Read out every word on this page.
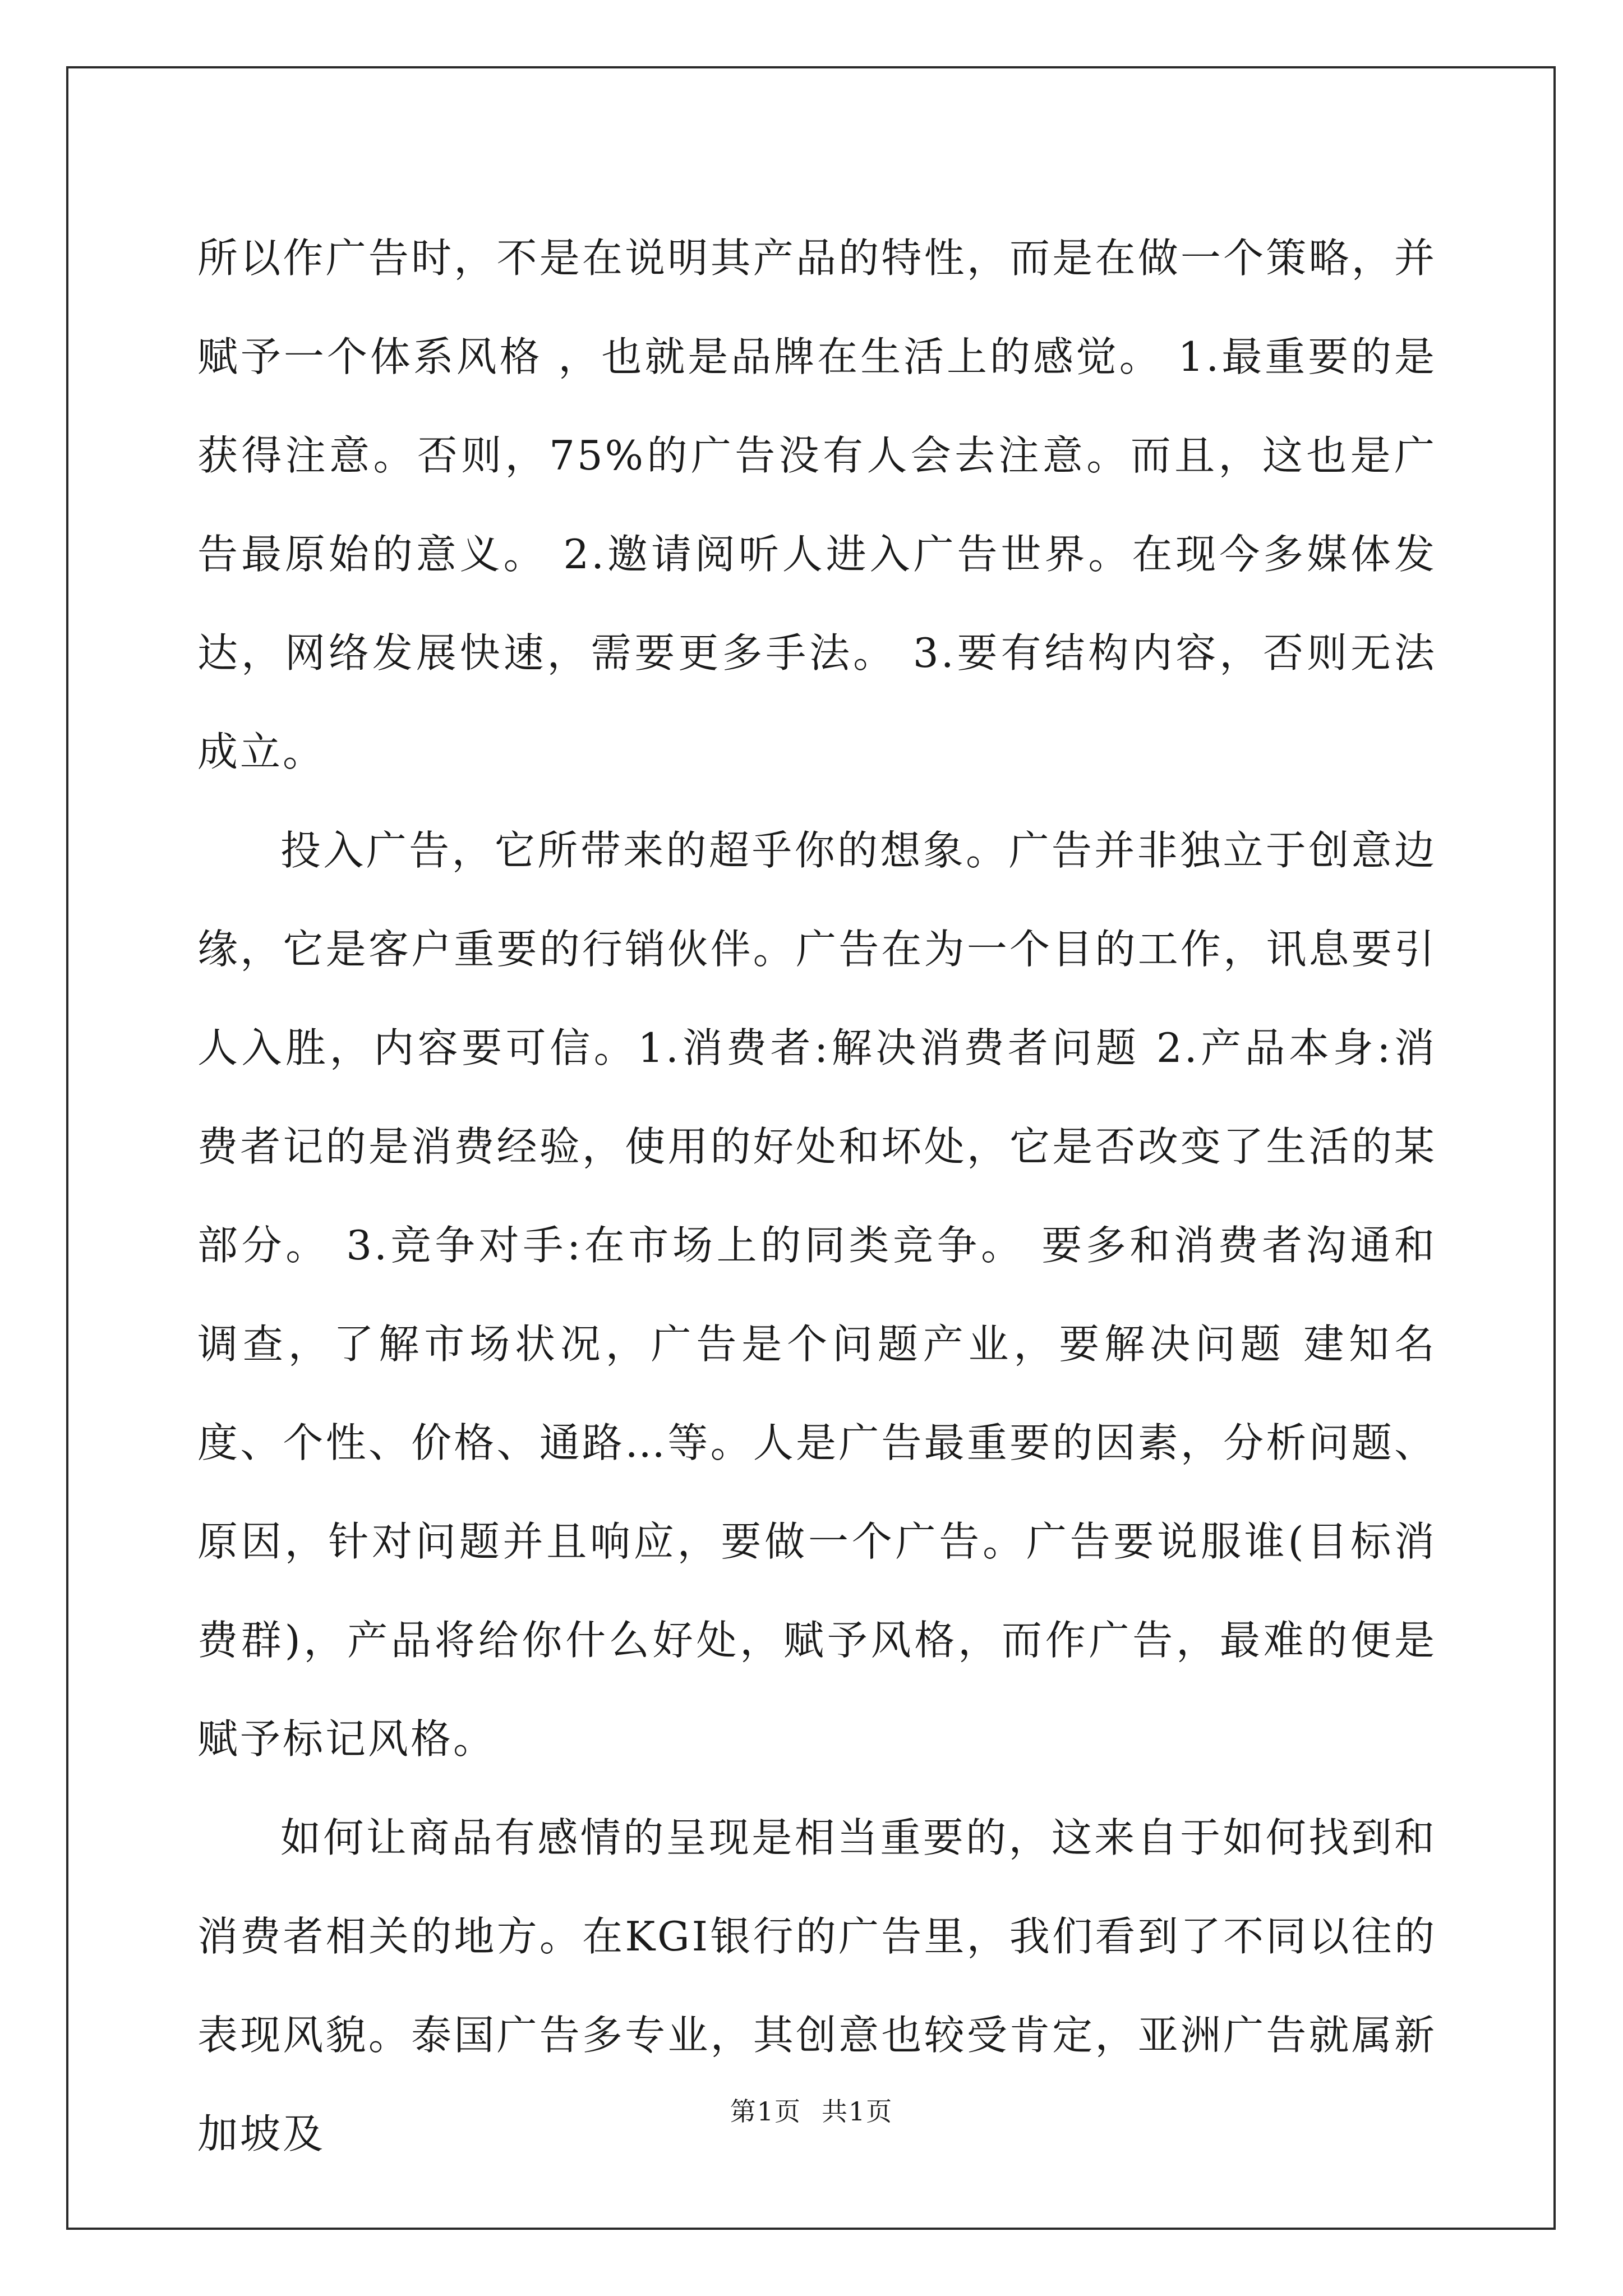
所以作广告时，不是在说明其产品的特性，而是在做一个策略，并赋予一个体系风格 ，也就是品牌在生活上的感觉。 1.最重要的是获得注意。否则，75%的广告没有人会去注意。而且，这也是广告最原始的意义。 2.邀请阅听人进入广告世界。在现今多媒体发达，网络发展快速，需要更多手法。 3.要有结构内容，否则无法成立。

投入广告，它所带来的超乎你的想象。广告并非独立于创意边缘，它是客户重要的行销伙伴。广告在为一个目的工作，讯息要引人入胜，内容要可信。1.消费者:解决消费者问题 2.产品本身:消费者记的是消费经验，使用的好处和坏处，它是否改变了生活的某部分。 3.竞争对手:在市场上的同类竞争。 要多和消费者沟通和调查，了解市场状况，广告是个问题产业，要解决问题 建知名度、个性、价格、通路…等。人是广告最重要的因素，分析问题、原因，针对问题并且响应，要做一个广告。广告要说服谁(目标消费群)，产品将给你什么好处，赋予风格，而作广告，最难的便是赋予标记风格。

如何让商品有感情的呈现是相当重要的，这来自于如何找到和消费者相关的地方。在KGI银行的广告里，我们看到了不同以往的表现风貌。泰国广告多专业，其创意也较受肯定，亚洲广告就属新加坡及	第1页 共1页
